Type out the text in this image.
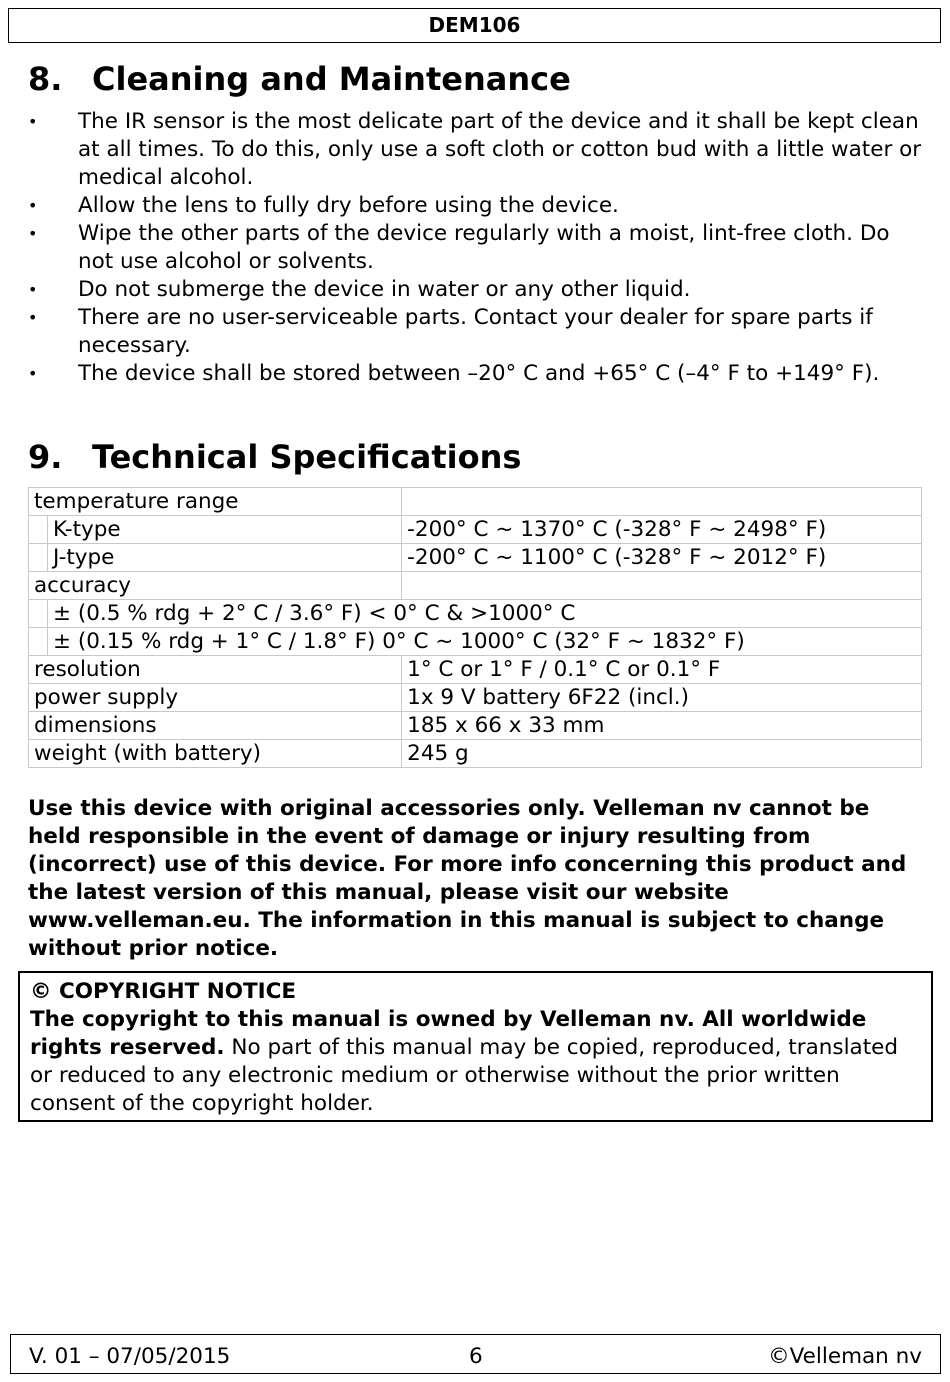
DEM106
8. Cleaning and Maintenance
• The IR sensor is the most delicate part of the device and it shall be kept clean at all times. To do this, only use a soft cloth or cotton bud with a little water or medical alcohol.
• Allow the lens to fully dry before using the device.
• Wipe the other parts of the device regularly with a moist, lint-free cloth. Do not use alcohol or solvents.
• Do not submerge the device in water or any other liquid.
• There are no user-serviceable parts. Contact your dealer for spare parts if necessary.
• The device shall be stored between –20° C and +65° C (–4° F to +149° F).
9. Technical Specifications
temperature range		
	K-type	-200° C ~ 1370° C (-328° F ~ 2498° F)
	J-type	-200° C ~ 1100° C (-328° F ~ 2012° F)
accuracy		
	± (0.5 % rdg + 2° C / 3.6° F) < 0° C & >1000° C	
	± (0.15 % rdg + 1° C / 1.8° F) 0° C ~ 1000° C (32° F ~ 1832° F)	
resolution		1° C or 1° F / 0.1° C or 0.1° F
power supply		1x 9 V battery 6F22 (incl.)
dimensions		185 x 66 x 33 mm
weight (with battery)		245 g
Use this device with original accessories only. Velleman nv cannot be held responsible in the event of damage or injury resulting from (incorrect) use of this device. For more info concerning this product and the latest version of this manual, please visit our website www.velleman.eu. The information in this manual is subject to change without prior notice.
© COPYRIGHT NOTICE
The copyright to this manual is owned by Velleman nv. All worldwide rights reserved. No part of this manual may be copied, reproduced, translated or reduced to any electronic medium or otherwise without the prior written consent of the copyright holder.
V. 01 – 07/05/2015	6	©Velleman nv
